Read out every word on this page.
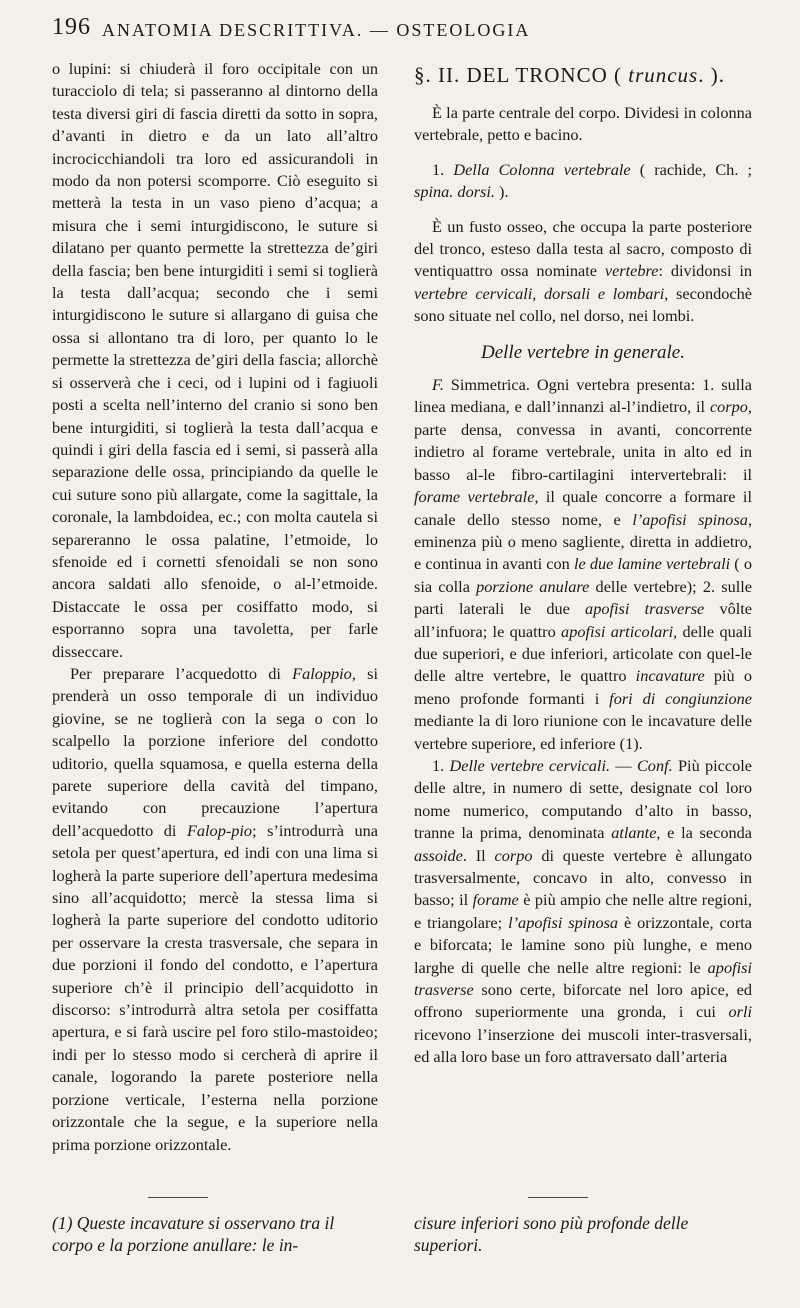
196 ANATOMIA DESCRITTIVA. — OSTEOLOGIA

o lupini: si chiuderà il foro occipitale con un turacciolo di tela; si passeranno al dintorno della testa diversi giri di fascia diretti da sotto in sopra, d’avanti in dietro e da un lato all’altro incrocicchiandoli tra loro ed assicurandoli in modo da non potersi scomporre. Ciò eseguito si metterà la testa in un vaso pieno d’acqua; a misura che i semi inturgidiscono, le suture si dilatano per quanto permette la strettezza de’giri della fascia; ben bene inturgiditi i semi si toglierà la testa dall’acqua; secondo che i semi inturgidiscono le suture si allargano di guisa che ossa si allontano tra di loro, per quanto lo le permette la strettezza de’giri della fascia; allorchè si osserverà che i ceci, od i lupini od i fagiuoli posti a scelta nell’interno del cranio si sono ben bene inturgiditi, si toglierà la testa dall’acqua e quindi i giri della fascia ed i semi, si passerà alla separazione delle ossa, principiando da quelle le cui suture sono più allargate, come la sagittale, la coronale, la lambdoidea, ec.; con molta cautela si separeranno le ossa palatine, l’etmoide, lo sfenoide ed i cornetti sfenoidali se non sono ancora saldati allo sfenoide, o al-l’etmoide. Distaccate le ossa per cosiffatto modo, si esporranno sopra una tavoletta, per farle disseccare.

Per preparare l’acquedotto di Faloppio, si prenderà un osso temporale di un individuo giovine, se ne toglierà con la sega o con lo scalpello la porzione inferiore del condotto uditorio, quella squamosa, e quella esterna della parete superiore della cavità del timpano, evitando con precauzione l’apertura dell’acquedotto di Falop-pio; s’introdurrà una setola per quest’apertura, ed indi con una lima si logherà la parte superiore dell’apertura medesima sino all’acquidotto; mercè la stessa lima si logherà la parte superiore del condotto uditorio per osservare la cresta trasversale, che separa in due porzioni il fondo del condotto, e l’apertura superiore ch’è il principio dell’acquidotto in discorso: s’introdurrà altra setola per cosiffatta apertura, e si farà uscire pel foro stilo-mastoideo; indi per lo stesso modo si cercherà di aprire il canale, logorando la parete posteriore nella porzione verticale, l’esterna nella porzione orizzontale che la segue, e la superiore nella prima porzione orizzontale.

§. II. DEL TRONCO ( truncus. ).

È la parte centrale del corpo. Dividesi in colonna vertebrale, petto e bacino.

1. Della Colonna vertebrale ( rachide, Ch. ; spina. dorsi. ).

È un fusto osseo, che occupa la parte posteriore del tronco, esteso dalla testa al sacro, composto di ventiquattro ossa nominate vertebre: dividonsi in vertebre cervicali, dorsali e lombari, secondochè sono situate nel collo, nel dorso, nei lombi.

Delle vertebre in generale.

F. Simmetrica. Ogni vertebra presenta: 1. sulla linea mediana, e dall’innanzi al-l’indietro, il corpo, parte densa, convessa in avanti, concorrente indietro al forame vertebrale, unita in alto ed in basso al-le fibro-cartilagini intervertebrali: il forame vertebrale, il quale concorre a formare il canale dello stesso nome, e l’apofisi spinosa, eminenza più o meno sagliente, diretta in addietro, e continua in avanti con le due lamine vertebrali ( o sia colla porzione anulare delle vertebre); 2. sulle parti laterali le due apofisi trasverse vôlte all’infuora; le quattro apofisi articolari, delle quali due superiori, e due inferiori, articolate con quel-le delle altre vertebre, le quattro incavature più o meno profonde formanti i fori di congiunzione mediante la di loro riunione con le incavature delle vertebre superiore, ed inferiore (1).

1. Delle vertebre cervicali. — Conf. Più piccole delle altre, in numero di sette, designate col loro nome numerico, computando d’alto in basso, tranne la prima, denominata atlante, e la seconda assoide. Il corpo di queste vertebre è allungato trasversalmente, concavo in alto, convesso in basso; il forame è più ampio che nelle altre regioni, e triangolare; l’apofisi spinosa è orizzontale, corta e biforcata; le lamine sono più lunghe, e meno larghe di quelle che nelle altre regioni: le apofisi trasverse sono certe, biforcate nel loro apice, ed offrono superiormente una gronda, i cui orli ricevono l’inserzione dei muscoli inter-trasversali, ed alla loro base un foro attraversato dall’arteria

(1) Queste incavature si osservano tra il corpo e la porzione anullare: le in-
cisure inferiori sono più profonde delle superiori.
